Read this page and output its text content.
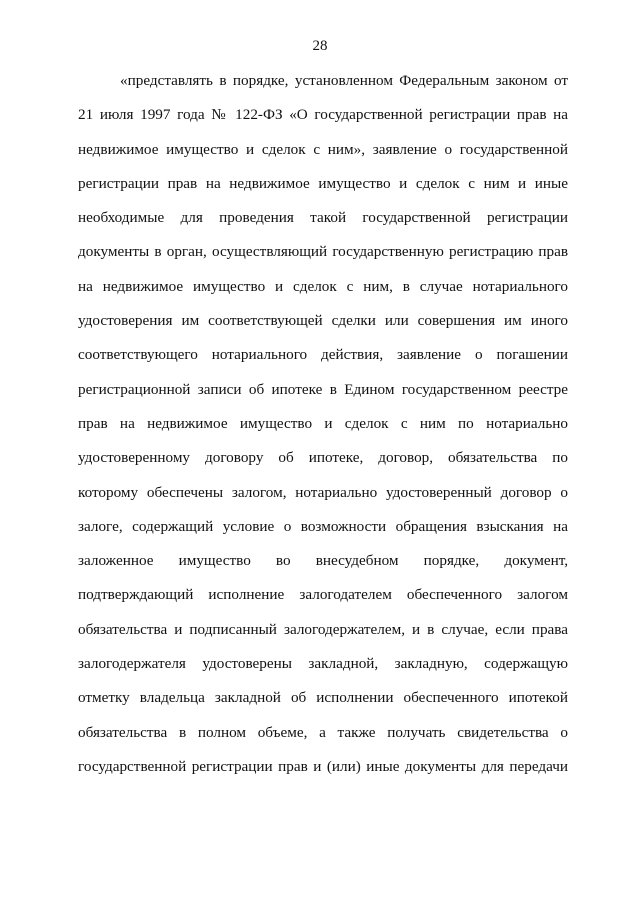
28
«представлять в порядке, установленном Федеральным законом от
21 июля 1997 года № 122-ФЗ «О государственной регистрации прав на
недвижимое имущество и сделок с ним», заявление о государственной
регистрации прав на недвижимое имущество и сделок с ним и иные
необходимые для проведения такой государственной регистрации
документы в орган, осуществляющий государственную регистрацию прав
на недвижимое имущество и сделок с ним, в случае нотариального
удостоверения им соответствующей сделки или совершения им иного
соответствующего нотариального действия, заявление о погашении
регистрационной записи об ипотеке в Едином государственном реестре
прав на недвижимое имущество и сделок с ним по нотариально
удостоверенному договору об ипотеке, договор, обязательства по
которому обеспечены залогом, нотариально удостоверенный договор о
залоге, содержащий условие о возможности обращения взыскания на
заложенное имущество во внесудебном порядке, документ,
подтверждающий исполнение залогодателем обеспеченного залогом
обязательства и подписанный залогодержателем, и в случае, если права
залогодержателя удостоверены закладной, закладную, содержащую
отметку владельца закладной об исполнении обеспеченного ипотекой
обязательства в полном объеме, а также получать свидетельства о
государственной регистрации прав и (или) иные документы для передачи
